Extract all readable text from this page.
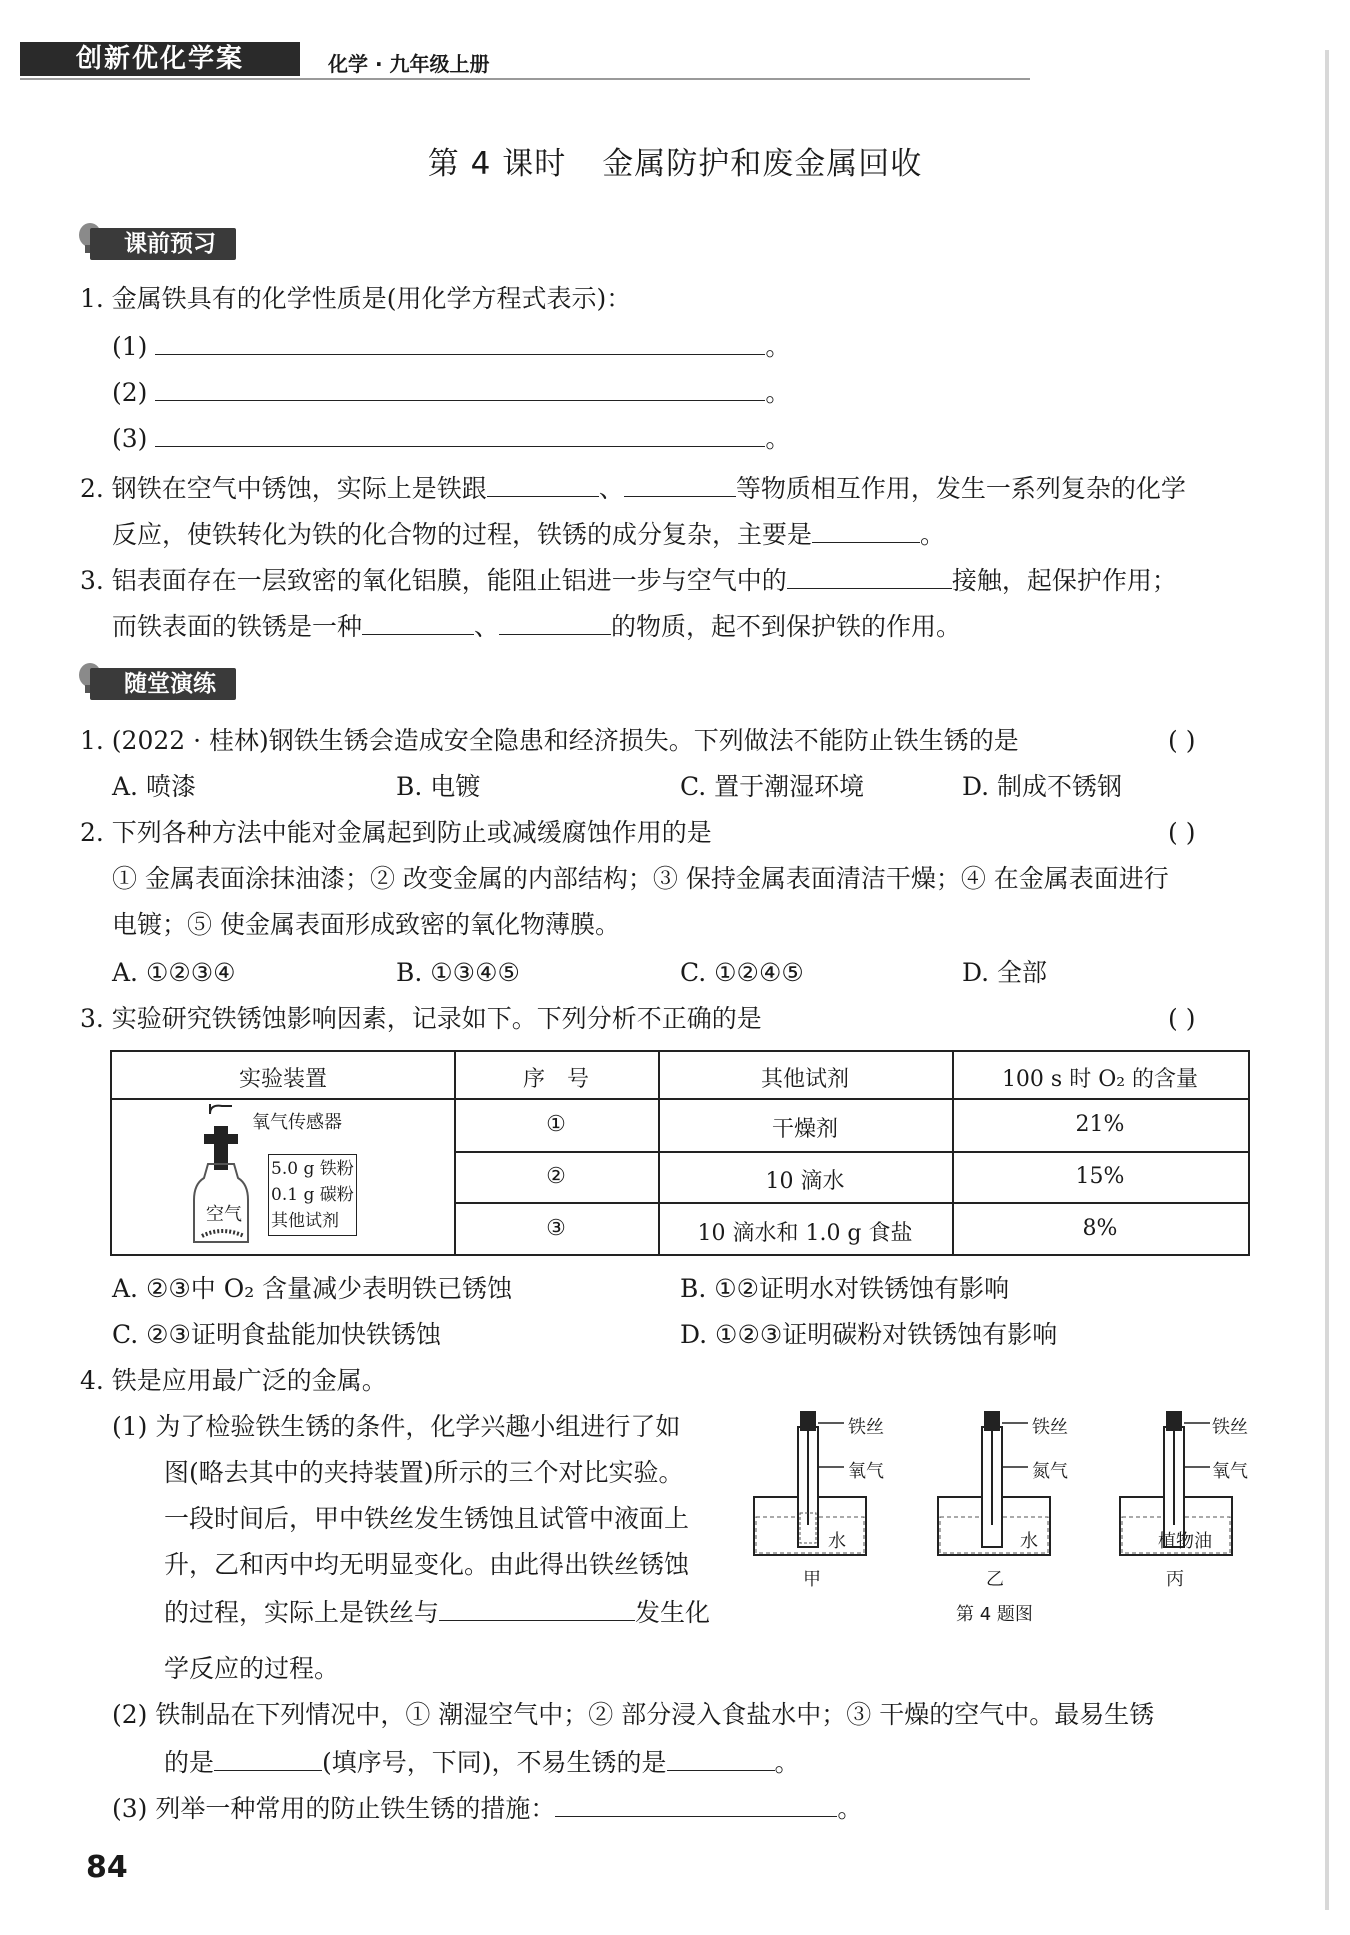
创新优化学案	化学 · 九年级上册
第 4 课时 金属防护和废金属回收
课前预习
1. 金属铁具有的化学性质是(用化学方程式表示)：
(1)	。
(2)	。
(3)	。
2. 钢铁在空气中锈蚀，实际上是铁跟	、	等物质相互作用，发生一系列复杂的化学
反应，使铁转化为铁的化合物的过程，铁锈的成分复杂，主要是	。
3. 铝表面存在一层致密的氧化铝膜，能阻止铝进一步与空气中的	接触，起保护作用；
而铁表面的铁锈是一种	、	的物质，起不到保护铁的作用。
随堂演练
1. (2022 · 桂林)钢铁生锈会造成安全隐患和经济损失。下列做法不能防止铁生锈的是	( )
A. 喷漆	B. 电镀	C. 置于潮湿环境	D. 制成不锈钢
2. 下列各种方法中能对金属起到防止或减缓腐蚀作用的是	( )
① 金属表面涂抹油漆；② 改变金属的内部结构；③ 保持金属表面清洁干燥；④ 在金属表面进行
电镀；⑤ 使金属表面形成致密的氧化物薄膜。
A. ①②③④	B. ①③④⑤	C. ①②④⑤	D. 全部
3. 实验研究铁锈蚀影响因素，记录如下。下列分析不正确的是	( )
实验装置	序　号	其他试剂	100 s 时 O₂ 的含量
①	干燥剂	21%
②	10 滴水	15%
③	10 滴水和 1.0 g 食盐	8%
氧气传感器
空气
5.0 g 铁粉
0.1 g 碳粉
其他试剂
A. ②③中 O₂ 含量减少表明铁已锈蚀	B. ①②证明水对铁锈蚀有影响
C. ②③证明食盐能加快铁锈蚀	D. ①②③证明碳粉对铁锈蚀有影响
4. 铁是应用最广泛的金属。
(1) 为了检验铁生锈的条件，化学兴趣小组进行了如
图(略去其中的夹持装置)所示的三个对比实验。
一段时间后，甲中铁丝发生锈蚀且试管中液面上
升，乙和丙中均无明显变化。由此得出铁丝锈蚀
的过程，实际上是铁丝与	发生化
学反应的过程。
铁丝
氧气
水
甲
铁丝
氮气
水
乙
铁丝
氧气
植物油
丙
第 4 题图
(2) 铁制品在下列情况中，① 潮湿空气中；② 部分浸入食盐水中；③ 干燥的空气中。最易生锈
的是	(填序号，下同)，不易生锈的是	。
(3) 列举一种常用的防止铁生锈的措施：	。
84
